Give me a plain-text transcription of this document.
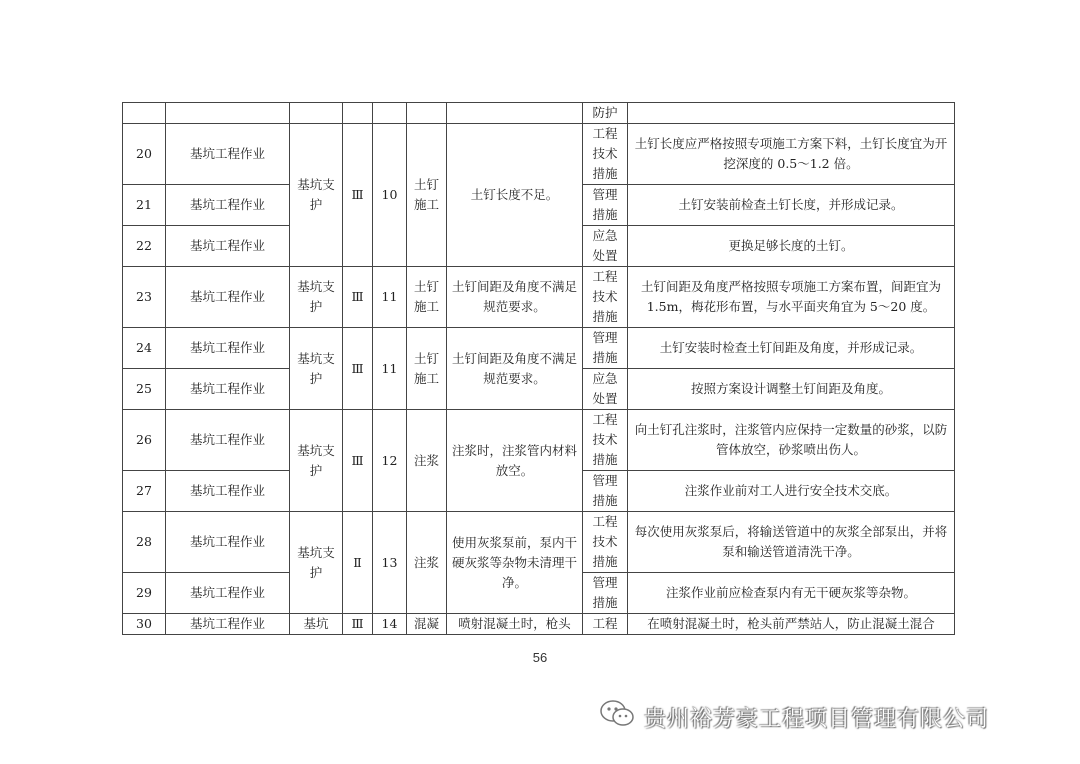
							防护	
20	基坑工程作业	基坑支护	Ⅲ	10	土钉施工	土钉长度不足。	工程技术措施	土钉长度应严格按照专项施工方案下料，土钉长度宜为开挖深度的 0.5～1.2 倍。
21	基坑工程作业						管理措施	土钉安装前检查土钉长度，并形成记录。
22	基坑工程作业						应急处置	更换足够长度的土钉。
23	基坑工程作业	基坑支护	Ⅲ	11	土钉施工	土钉间距及角度不满足规范要求。	工程技术措施	土钉间距及角度严格按照专项施工方案布置，间距宜为 1.5m，梅花形布置，与水平面夹角宜为 5～20 度。
24	基坑工程作业	基坑支护	Ⅲ	11	土钉施工	土钉间距及角度不满足规范要求。	管理措施	土钉安装时检查土钉间距及角度，并形成记录。
25	基坑工程作业						应急处置	按照方案设计调整土钉间距及角度。
26	基坑工程作业	基坑支护	Ⅲ	12	注浆	注浆时，注浆管内材料放空。	工程技术措施	向土钉孔注浆时，注浆管内应保持一定数量的砂浆，以防管体放空，砂浆喷出伤人。
27	基坑工程作业						管理措施	注浆作业前对工人进行安全技术交底。
28	基坑工程作业	基坑支护	Ⅱ	13	注浆	使用灰浆泵前，泵内干硬灰浆等杂物未清理干净。	工程技术措施	每次使用灰浆泵后，将输送管道中的灰浆全部泵出，并将泵和输送管道清洗干净。
29	基坑工程作业						管理措施	注浆作业前应检查泵内有无干硬灰浆等杂物。
30	基坑工程作业	基坑	Ⅲ	14	混凝	喷射混凝土时，枪头	工程	在喷射混凝土时，枪头前严禁站人，防止混凝土混合
56
贵州裕芳豪工程项目管理有限公司
